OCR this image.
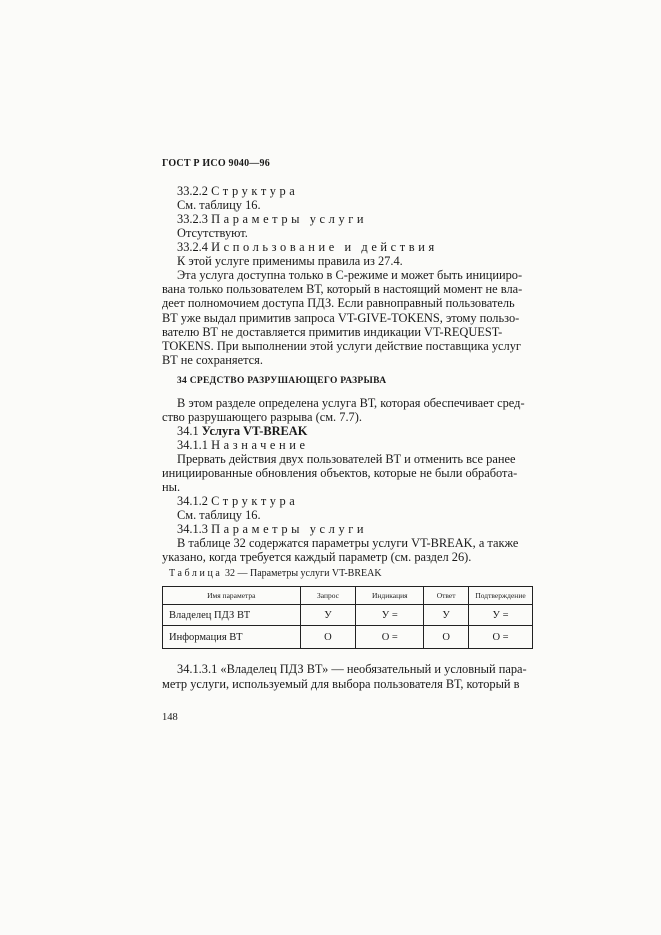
ГОСТ Р ИСО 9040—96
33.2.2 Структура
См. таблицу 16.
33.2.3 Параметры услуги
Отсутствуют.
33.2.4 Использование и действия
К этой услуге применимы правила из 27.4.
Эта услуга доступна только в С-режиме и может быть иницииро-
вана только пользователем ВТ, который в настоящий момент не вла-
деет полномочием доступа ПДЗ. Если равноправный пользователь
ВТ уже выдал примитив запроса VT-GIVE-TOKENS, этому пользо-
вателю ВТ не доставляется примитив индикации VT-REQUEST-
TOKENS. При выполнении этой услуги действие поставщика услуг
ВТ не сохраняется.
34 СРЕДСТВО РАЗРУШАЮЩЕГО РАЗРЫВА
В этом разделе определена услуга ВТ, которая обеспечивает сред-
ство разрушающего разрыва (см. 7.7).
34.1 Услуга VT-BREAK
34.1.1 Назначение
Прервать действия двух пользователей ВТ и отменить все ранее
инициированные обновления объектов, которые не были обработа-
ны.
34.1.2 Структура
См. таблицу 16.
34.1.3 Параметры услуги
В таблице 32 содержатся параметры услуги VT-BREAK, а также
указано, когда требуется каждый параметр (см. раздел 26).
Таблица 32 — Параметры услуги VT-BREAK
Имя параметра	Запрос	Индикация	Ответ	Подтверждение
Владелец ПДЗ ВТ	У	У =	У	У =
Информация ВТ	О	О =	О	О =
34.1.3.1 «Владелец ПДЗ ВТ» — необязательный и условный пара-
метр услуги, используемый для выбора пользователя ВТ, который в
148
